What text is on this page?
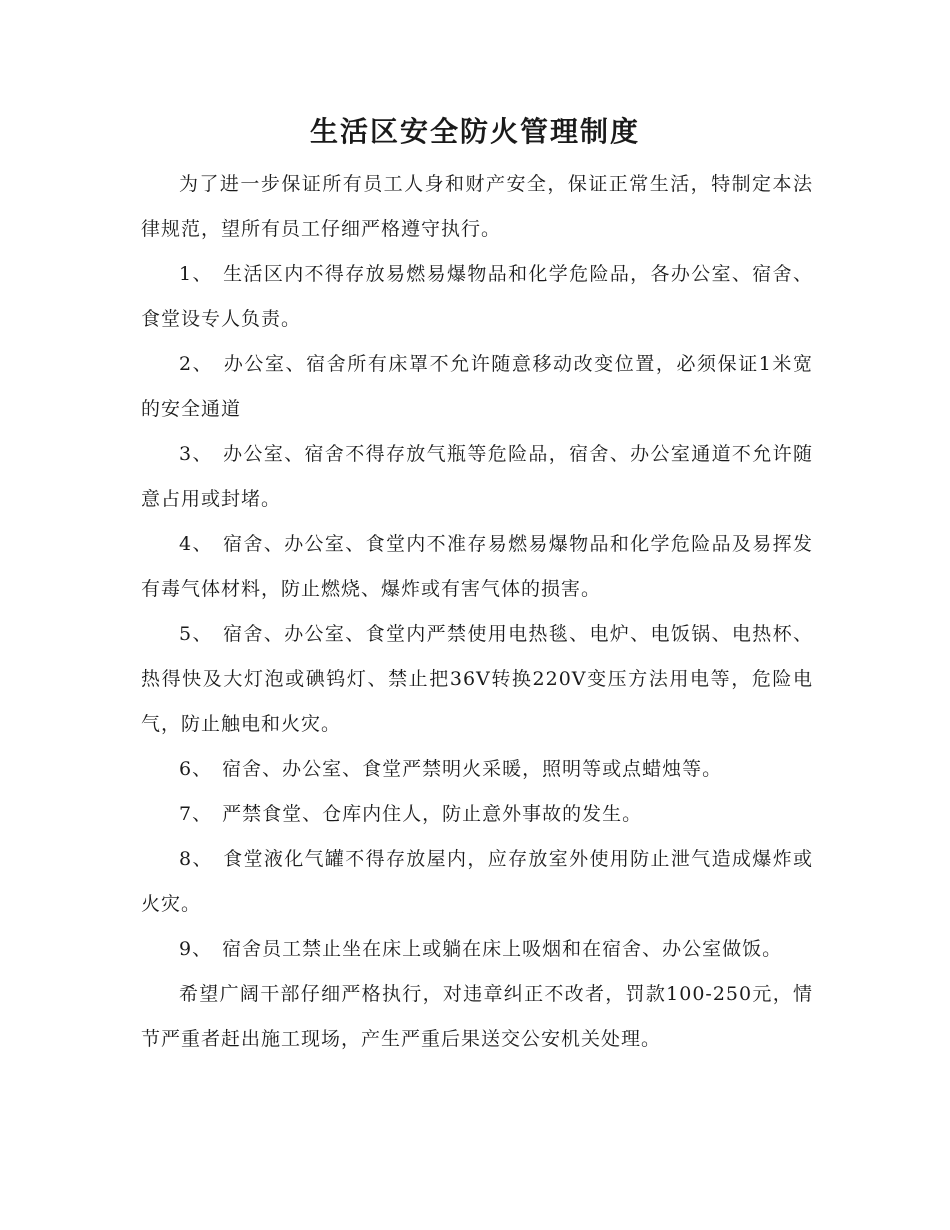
生活区安全防火管理制度

为了进一步保证所有员工人身和财产安全，保证正常生活，特制定本法律规范，望所有员工仔细严格遵守执行。

1、 生活区内不得存放易燃易爆物品和化学危险品，各办公室、宿舍、食堂设专人负责。

2、 办公室、宿舍所有床罩不允许随意移动改变位置，必须保证1米宽的安全通道

3、 办公室、宿舍不得存放气瓶等危险品，宿舍、办公室通道不允许随意占用或封堵。

4、 宿舍、办公室、食堂内不准存易燃易爆物品和化学危险品及易挥发有毒气体材料，防止燃烧、爆炸或有害气体的损害。

5、 宿舍、办公室、食堂内严禁使用电热毯、电炉、电饭锅、电热杯、热得快及大灯泡或碘钨灯、禁止把36V转换220V变压方法用电等，危险电气，防止触电和火灾。

6、 宿舍、办公室、食堂严禁明火采暖，照明等或点蜡烛等。

7、 严禁食堂、仓库内住人，防止意外事故的发生。

8、 食堂液化气罐不得存放屋内，应存放室外使用防止泄气造成爆炸或火灾。

9、 宿舍员工禁止坐在床上或躺在床上吸烟和在宿舍、办公室做饭。

希望广阔干部仔细严格执行，对违章纠正不改者，罚款100-250元，情节严重者赶出施工现场，产生严重后果送交公安机关处理。
